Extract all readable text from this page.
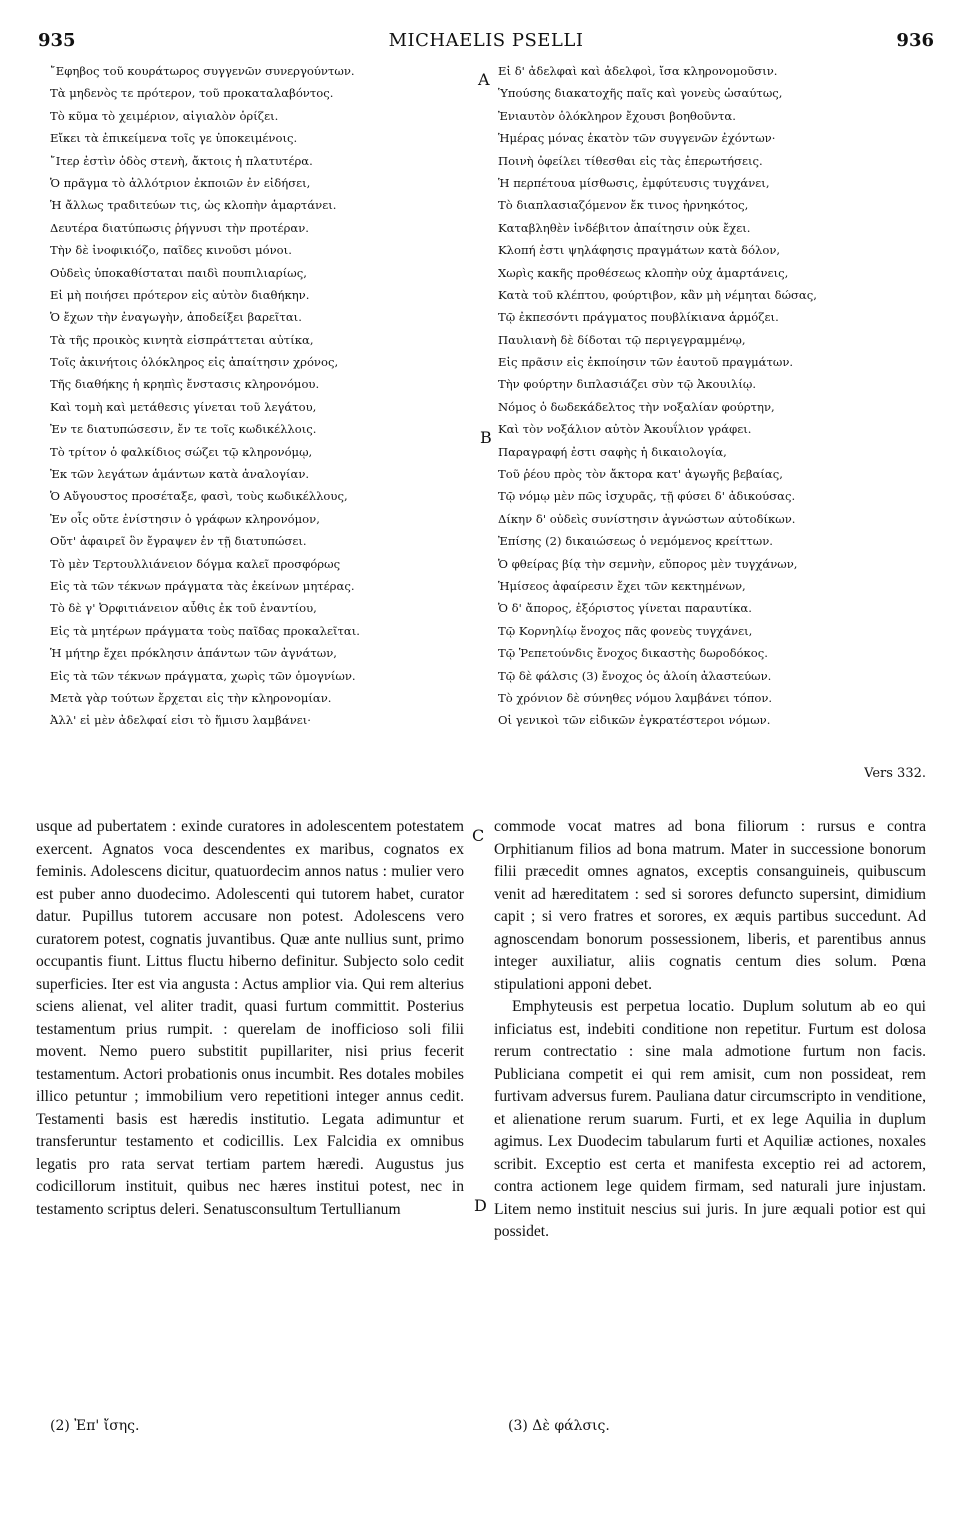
935	MICHAELIS PSELLI	936
῎Εφηβος τοῦ κουράτωρος συγγενῶν συνεργούντων.
Τὰ μηδενὸς τε πρότερον, τοῦ προκαταλαβόντος.
Τὸ κῦμα τὸ χειμέριον, αἰγιαλὸν ὁρίζει.
Εἴκει τὰ ἐπικείμενα τοῖς γε ὑποκειμένοις.
῎Ιτερ ἐστὶν ὁδὸς στενὴ, ἄκτοις ἡ πλατυτέρα.
Ὁ πρᾶγμα τὸ ἀλλότριον ἐκποιῶν ἐν εἰδήσει,
Ἡ ἄλλως τραδιτεύων τις, ὡς κλοπὴν ἁμαρτάνει.
Δευτέρα διατύπωσις ῥήγνυσι τὴν προτέραν.
Τὴν δὲ ἰνοφικιόζο, παῖδες κινοῦσι μόνοι.
Οὐδεὶς ὑποκαθίσταται παιδὶ πουπιλιαρίως,
Εἰ μὴ ποιήσει πρότερον εἰς αὐτὸν διαθήκην.
Ὁ ἔχων τὴν ἐναγωγὴν, ἀποδείξει βαρεῖται.
Τὰ τῆς προικὸς κινητὰ εἰσπράττεται αὐτίκα,
Τοῖς ἀκινήτοις ὁλόκληρος εἰς ἀπαίτησιν χρόνος,
Τῆς διαθήκης ἡ κρηπὶς ἔνστασις κληρονόμου.
Καὶ τομὴ καὶ μετάθεσις γίνεται τοῦ λεγάτου,
Ἐν τε διατυπώσεσιν, ἔν τε τοῖς κωδικέλλοις.
Τὸ τρίτον ὁ φαλκίδιος σώζει τῷ κληρονόμῳ,
Ἐκ τῶν λεγάτων ἁμάντων κατὰ ἀναλογίαν.
Ὁ Αὔγουστος προσέταξε, φασὶ, τοὺς κωδικέλλους,
Ἐν οἷς οὔτε ἐνίστησιν ὁ γράφων κληρονόμον,
Οὔτ' ἀφαιρεῖ ὃν ἔγραψεν ἐν τῇ διατυπώσει.
Τὸ μὲν Τερτουλλιάνειον δόγμα καλεῖ προσφόρως
Εἰς τὰ τῶν τέκνων πράγματα τὰς ἐκείνων μητέρας.
Τὸ δὲ γ' Ὀρφιτιάνειον αὖθις ἐκ τοῦ ἐναντίου,
Εἰς τὰ μητέρων πράγματα τοὺς παῖδας προκαλεῖται.
Ἡ μήτηρ ἔχει πρόκλησιν ἁπάντων τῶν ἀγνάτων,
Εἰς τὰ τῶν τέκνων πράγματα, χωρὶς τῶν ὁμογνίων.
Μετὰ γὰρ τούτων ἔρχεται εἰς τὴν κληρονομίαν.
Ἀλλ' εἰ μὲν ἀδελφαί εἰσι τὸ ἥμισυ λαμβάνει·
Εἰ δ' ἀδελφαὶ καὶ ἀδελφοὶ, ἴσα κληρονομοῦσιν.
Ὑπούσης διακατοχῆς παῖς καὶ γονεὺς ὡσαύτως,
Ἐνιαυτὸν ὁλόκληρον ἔχουσι βοηθοῦντα.
Ἡμέρας μόνας ἑκατὸν τῶν συγγενῶν ἐχόντων·
Ποινὴ ὀφείλει τίθεσθαι εἰς τὰς ἐπερωτήσεις.
Ἡ περπέτουα μίσθωσις, ἐμφύτευσις τυγχάνει,
Τὸ διαπλασιαζόμενον ἔκ τινος ἠρνηκότος,
Καταβληθὲν ἰνδέβιτον ἀπαίτησιν οὐκ ἔχει.
Κλοπή ἐστι ψηλάφησις πραγμάτων κατὰ δόλον,
Χωρὶς κακῆς προθέσεως κλοπὴν οὐχ ἁμαρτάνεις,
Κατὰ τοῦ κλέπτου, φούρτιβον, κἂν μὴ νέμηται δώσας,
Τῷ ἐκπεσόντι πράγματος πουβλίκιανα ἁρμόζει.
Παυλιανὴ δὲ δίδοται τῷ περιγεγραμμένῳ,
Εἰς πρᾶσιν εἰς ἐκποίησιν τῶν ἑαυτοῦ πραγμάτων.
Τὴν φούρτην διπλασιάζει σὺν τῷ Ἀκουιλίῳ.
Νόμος ὁ δωδεκάδελτος τὴν νοξαλίαν φούρτην,
Καὶ τὸν νοξάλιον αὐτὸν Ἀκουΐλιον γράφει.
Παραγραφή ἐστι σαφὴς ἡ δικαιολογία,
Τοῦ ῥέου πρὸς τὸν ἄκτορα κατ' ἀγωγῆς βεβαίας,
Τῷ νόμῳ μὲν πῶς ἰσχυρᾶς, τῇ φύσει δ' ἀδικούσας.
Δίκην δ' οὐδεὶς συνίστησιν ἀγνώστων αὐτοδίκων.
Ἐπίσης (2) δικαιώσεως ὁ νεμόμενος κρείττων.
Ὁ φθείρας βίᾳ τὴν σεμνὴν, εὔπορος μὲν τυγχάνων,
Ἡμίσεος ἀφαίρεσιν ἔχει τῶν κεκτημένων,
Ὁ δ' ἄπορος, ἐξόριστος γίνεται παραυτίκα.
Τῷ Κορνηλίῳ ἔνοχος πᾶς φονεὺς τυγχάνει,
Τῷ Ῥεπετούνδις ἔνοχος δικαστὴς δωροδόκος.
Τῷ δὲ φάλσις (3) ἔνοχος ὁς ἁλοίη ἀλαστεύων.
Τὸ χρόνιον δὲ σύνηθες νόμου λαμβάνει τόπον.
Οἱ γενικοὶ τῶν εἰδικῶν ἐγκρατέστεροι νόμων.
A
B
C
D
Vers 332.

usque ad pubertatem : exinde curatores in adolescentem potestatem exercent. Agnatos voca descendentes ex maribus, cognatos ex feminis. Adolescens dicitur, quatuordecim annos natus : mulier vero est puber anno duodecimo. Adolescenti qui tutorem habet, curator datur. Pupillus tutorem accusare non potest. Adolescens vero curatorem potest, cognatis juvantibus. Quæ ante nullius sunt, primo occupantis fiunt. Littus fluctu hiberno definitur. Subjecto solo cedit superficies. Iter est via angusta : Actus amplior via. Qui rem alterius sciens alienat, vel aliter tradit, quasi furtum committit. Posterius testamentum prius rumpit. : querelam de inofficioso soli filii movent. Nemo puero substitit pupillariter, nisi prius fecerit testamentum. Actori probationis onus incumbit. Res dotales mobiles illico petuntur ; immobilium vero repetitioni integer annus cedit. Testamenti basis est hæredis institutio. Legata adimuntur et transferuntur testamento et codicillis. Lex Falcidia ex omnibus legatis pro rata servat tertiam partem hæredi. Augustus jus codicillorum instituit, quibus nec hæres institui potest, nec in testamento scriptus deleri. Senatusconsultum Tertullianum

commode vocat matres ad bona filiorum : rursus e contra Orphitianum filios ad bona matrum. Mater in successione bonorum filii præcedit omnes agnatos, exceptis consanguineis, quibuscum venit ad hæreditatem : sed si sorores defuncto supersint, dimidium capit ; si vero fratres et sorores, ex æquis partibus succedunt. Ad agnoscendam bonorum possessionem, liberis, et parentibus annus integer auxiliatur, aliis cognatis centum dies solum. Pœna stipulationi apponi debet.

Emphyteusis est perpetua locatio. Duplum solutum ab eo qui inficiatus est, indebiti conditione non repetitur. Furtum est dolosa rerum contrectatio : sine mala admotione furtum non facis. Publiciana competit ei qui rem amisit, cum non possideat, rem furtivam adversus furem. Pauliana datur circumscripto in venditione, et alienatione rerum suarum. Furti, et ex lege Aquilia in duplum agimus. Lex Duodecim tabularum furti et Aquiliæ actiones, noxales scribit. Exceptio est certa et manifesta exceptio rei ad actorem, contra actionem lege quidem firmam, sed naturali jure injustam. Litem nemo instituit nescius sui juris. In jure æquali potior est qui possidet.

(2) Ἐπ' ἴσης.	(3) Δὲ φάλσις.
